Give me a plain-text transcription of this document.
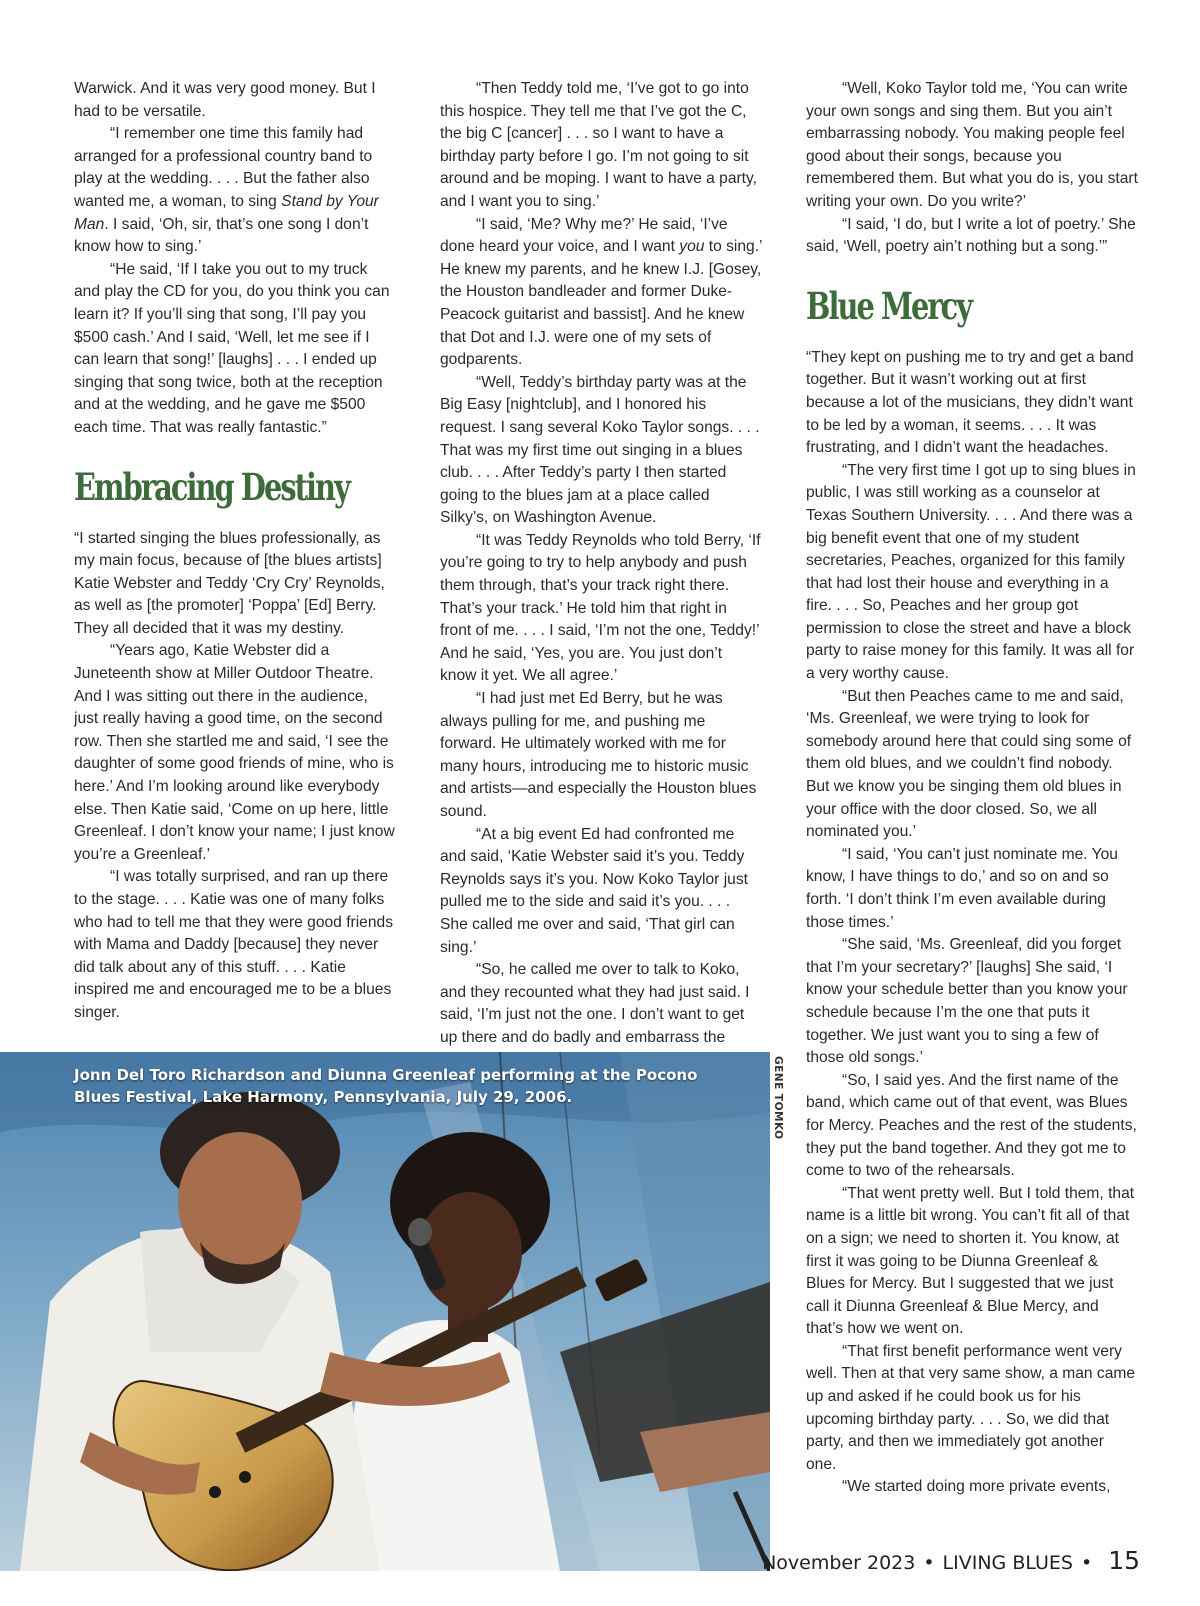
Warwick. And it was very good money. But I had to be versatile.

“I remember one time this family had arranged for a professional country band to play at the wedding. . . . But the father also wanted me, a woman, to sing Stand by Your Man. I said, ‘Oh, sir, that’s one song I don’t know how to sing.’

“He said, ‘If I take you out to my truck and play the CD for you, do you think you can learn it? If you’ll sing that song, I’ll pay you $500 cash.’ And I said, ‘Well, let me see if I can learn that song!’ [laughs] . . . I ended up singing that song twice, both at the reception and at the wedding, and he gave me $500 each time. That was really fantastic.”

Embracing Destiny

“I started singing the blues professionally, as my main focus, because of [the blues artists] Katie Webster and Teddy ‘Cry Cry’ Reynolds, as well as [the promoter] ‘Poppa’ [Ed] Berry. They all decided that it was my destiny.

“Years ago, Katie Webster did a Juneteenth show at Miller Outdoor Theatre. And I was sitting out there in the audience, just really having a good time, on the second row. Then she startled me and said, ‘I see the daughter of some good friends of mine, who is here.’ And I’m looking around like everybody else. Then Katie said, ‘Come on up here, little Greenleaf. I don’t know your name; I just know you’re a Greenleaf.’

“I was totally surprised, and ran up there to the stage. . . . Katie was one of many folks who had to tell me that they were good friends with Mama and Daddy [because] they never did talk about any of this stuff. . . . Katie inspired me and encouraged me to be a blues singer.

“Then Teddy told me, ‘I’ve got to go into this hospice. They tell me that I’ve got the C, the big C [cancer] . . . so I want to have a birthday party before I go. I’m not going to sit around and be moping. I want to have a party, and I want you to sing.’

“I said, ‘Me? Why me?’ He said, ‘I’ve done heard your voice, and I want you to sing.’ He knew my parents, and he knew I.J. [Gosey, the Houston bandleader and former Duke-Peacock guitarist and bassist]. And he knew that Dot and I.J. were one of my sets of godparents.

“Well, Teddy’s birthday party was at the Big Easy [nightclub], and I honored his request. I sang several Koko Taylor songs. . . . That was my first time out singing in a blues club. . . . After Teddy’s party I then started going to the blues jam at a place called Silky’s, on Washington Avenue.

“It was Teddy Reynolds who told Berry, ‘If you’re going to try to help anybody and push them through, that’s your track right there. That’s your track.’ He told him that right in front of me. . . . I said, ‘I’m not the one, Teddy!’ And he said, ‘Yes, you are. You just don’t know it yet. We all agree.’

“I had just met Ed Berry, but he was always pulling for me, and pushing me forward. He ultimately worked with me for many hours, introducing me to historic music and artists—and especially the Houston blues sound.

“At a big event Ed had confronted me and said, ‘Katie Webster said it’s you. Teddy Reynolds says it’s you. Now Koko Taylor just pulled me to the side and said it’s you. . . . She called me over and said, ‘That girl can sing.’

“So, he called me over to talk to Koko, and they recounted what they had just said. I said, ‘I’m just not the one. I don’t want to get up there and do badly and embarrass the

“Well, Koko Taylor told me, ‘You can write your own songs and sing them. But you ain’t embarrassing nobody. You making people feel good about their songs, because you remembered them. But what you do is, you start writing your own. Do you write?’

“I said, ‘I do, but I write a lot of poetry.’ She said, ‘Well, poetry ain’t nothing but a song.’”

Blue Mercy

“They kept on pushing me to try and get a band together. But it wasn’t working out at first because a lot of the musicians, they didn’t want to be led by a woman, it seems. . . . It was frustrating, and I didn’t want the headaches.

“The very first time I got up to sing blues in public, I was still working as a counselor at Texas Southern University. . . . And there was a big benefit event that one of my student secretaries, Peaches, organized for this family that had lost their house and everything in a fire. . . . So, Peaches and her group got permission to close the street and have a block party to raise money for this family. It was all for a very worthy cause.

“But then Peaches came to me and said, ‘Ms. Greenleaf, we were trying to look for somebody around here that could sing some of them old blues, and we couldn’t find nobody. But we know you be singing them old blues in your office with the door closed. So, we all nominated you.’

“I said, ‘You can’t just nominate me. You know, I have things to do,’ and so on and so forth. ‘I don’t think I’m even available during those times.’

“She said, ‘Ms. Greenleaf, did you forget that I’m your secretary?’ [laughs] She said, ‘I know your schedule better than you know your schedule because I’m the one that puts it together. We just want you to sing a few of those old songs.’

“So, I said yes. And the first name of the band, which came out of that event, was Blues for Mercy. Peaches and the rest of the students, they put the band together. And they got me to come to two of the rehearsals.

“That went pretty well. But I told them, that name is a little bit wrong. You can’t fit all of that on a sign; we need to shorten it. You know, at first it was going to be Diunna Greenleaf & Blues for Mercy. But I suggested that we just call it Diunna Greenleaf & Blue Mercy, and that’s how we went on.

“That first benefit performance went very well. Then at that very same show, a man came up and asked if he could book us for his upcoming birthday party. . . . So, we did that party, and then we immediately got another one.

“We started doing more private events,

Jonn Del Toro Richardson and Diunna Greenleaf performing at the Pocono Blues Festival, Lake Harmony, Pennsylvania, July 29, 2006.	GENE TOMKO
November 2023 • LIVING BLUES • 15
